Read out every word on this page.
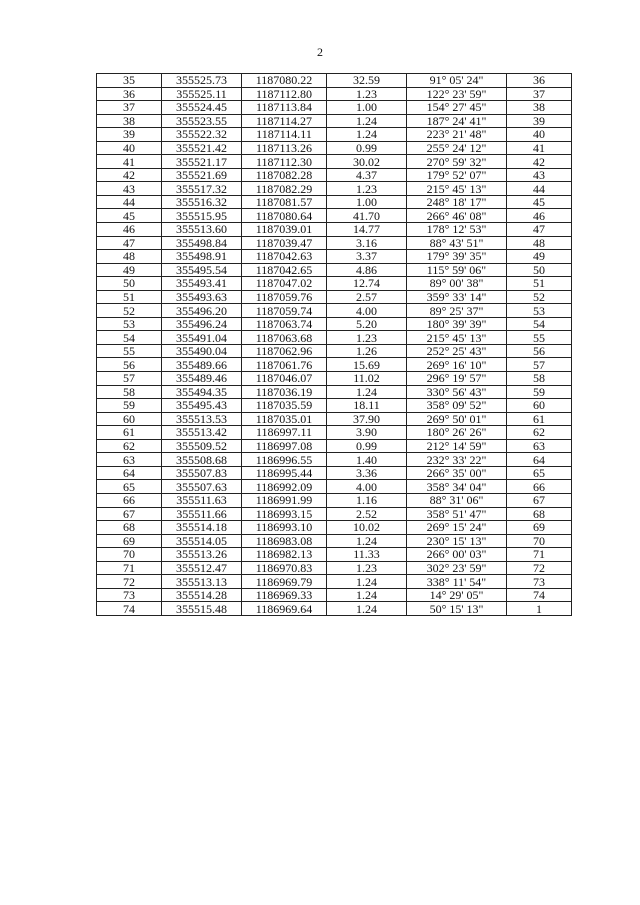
2
35	355525.73	1187080.22	32.59	91° 05' 24"	36
36	355525.11	1187112.80	1.23	122° 23' 59"	37
37	355524.45	1187113.84	1.00	154° 27' 45"	38
38	355523.55	1187114.27	1.24	187° 24' 41"	39
39	355522.32	1187114.11	1.24	223° 21' 48"	40
40	355521.42	1187113.26	0.99	255° 24' 12"	41
41	355521.17	1187112.30	30.02	270° 59' 32"	42
42	355521.69	1187082.28	4.37	179° 52' 07"	43
43	355517.32	1187082.29	1.23	215° 45' 13"	44
44	355516.32	1187081.57	1.00	248° 18' 17"	45
45	355515.95	1187080.64	41.70	266° 46' 08"	46
46	355513.60	1187039.01	14.77	178° 12' 53"	47
47	355498.84	1187039.47	3.16	88° 43' 51"	48
48	355498.91	1187042.63	3.37	179° 39' 35"	49
49	355495.54	1187042.65	4.86	115° 59' 06"	50
50	355493.41	1187047.02	12.74	89° 00' 38"	51
51	355493.63	1187059.76	2.57	359° 33' 14"	52
52	355496.20	1187059.74	4.00	89° 25' 37"	53
53	355496.24	1187063.74	5.20	180° 39' 39"	54
54	355491.04	1187063.68	1.23	215° 45' 13"	55
55	355490.04	1187062.96	1.26	252° 25' 43"	56
56	355489.66	1187061.76	15.69	269° 16' 10"	57
57	355489.46	1187046.07	11.02	296° 19' 57"	58
58	355494.35	1187036.19	1.24	330° 56' 43"	59
59	355495.43	1187035.59	18.11	358° 09' 52"	60
60	355513.53	1187035.01	37.90	269° 50' 01"	61
61	355513.42	1186997.11	3.90	180° 26' 26"	62
62	355509.52	1186997.08	0.99	212° 14' 59"	63
63	355508.68	1186996.55	1.40	232° 33' 22"	64
64	355507.83	1186995.44	3.36	266° 35' 00"	65
65	355507.63	1186992.09	4.00	358° 34' 04"	66
66	355511.63	1186991.99	1.16	88° 31' 06"	67
67	355511.66	1186993.15	2.52	358° 51' 47"	68
68	355514.18	1186993.10	10.02	269° 15' 24"	69
69	355514.05	1186983.08	1.24	230° 15' 13"	70
70	355513.26	1186982.13	11.33	266° 00' 03"	71
71	355512.47	1186970.83	1.23	302° 23' 59"	72
72	355513.13	1186969.79	1.24	338° 11' 54"	73
73	355514.28	1186969.33	1.24	14° 29' 05"	74
74	355515.48	1186969.64	1.24	50° 15' 13"	1
